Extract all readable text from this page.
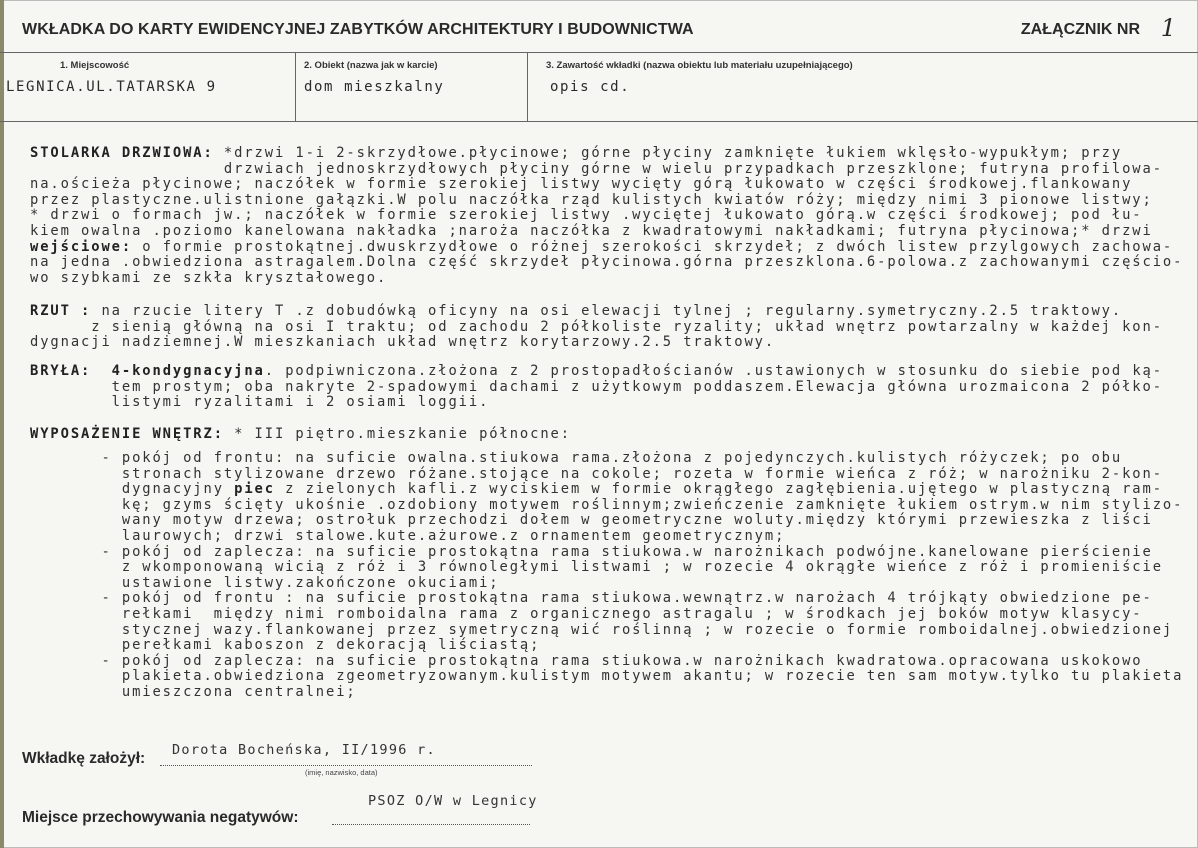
WKŁADKA DO KARTY EWIDENCYJNEJ ZABYTKÓW ARCHITEKTURY I BUDOWNICTWA	ZAŁĄCZNIK NR 1
1. Miejscowość
LEGNICA.UL.TATARSKA 9
2. Obiekt (nazwa jak w karcie)
dom mieszkalny
3. Zawartość wkładki (nazwa obiektu lub materiału uzupełniającego)
opis cd.
STOLARKA DRZWIOWA: *drzwi 1-i 2-skrzydłowe.płycinowe; górne płyciny zamknięte łukiem wklęsło-wypukłym; przy
drzwiach jednoskrzydłowych płyciny górne w wielu przypadkach przeszklone; futryna profilowa-
na.ościeża płycinowe; naczółek w formie szerokiej listwy wycięty górą łukowato w części środkowej.flankowany
przez plastyczne.ulistnione gałązki.W polu naczółka rząd kulistych kwiatów róży; między nimi 3 pionowe listwy;
* drzwi o formach jw.; naczółek w formie szerokiej listwy .wyciętej łukowato górą.w części środkowej; pod łu-
kiem owalna .poziomo kanelowana nakładka ;naroża naczółka z kwadratowymi nakładkami; futryna płycinowa;* drzwi
wejściowe: o formie prostokątnej.dwuskrzydłowe o różnej szerokości skrzydeł; z dwóch listew przylgowych zachowa-
na jedna .obwiedziona astragalem.Dolna część skrzydeł płycinowa.górna przeszklona.6-polowa.z zachowanymi częścio-
wo szybkami ze szkła kryształowego.
RZUT : na rzucie litery T .z dobudówką oficyny na osi elewacji tylnej ; regularny.symetryczny.2.5 traktowy.
z sienią główną na osi I traktu; od zachodu 2 półkoliste ryzality; układ wnętrz powtarzalny w każdej kon-
dygnacji nadziemnej.W mieszkaniach układ wnętrz korytarzowy.2.5 traktowy.
BRYŁA: 4-kondygnacyjna. podpiwniczona.złożona z 2 prostopadłościanów .ustawionych w stosunku do siebie pod ką-
tem prostym; oba nakryte 2-spadowymi dachami z użytkowym poddaszem.Elewacja główna urozmaicona 2 półko-
listymi ryzalitami i 2 osiami loggii.
WYPOSAŻENIE WNĘTRZ: * III piętro.mieszkanie północne:
- pokój od frontu: na suficie owalna.stiukowa rama.złożona z pojedynczych.kulistych różyczek; po obu
stronach stylizowane drzewo różane.stojące na cokole; rozeta w formie wieńca z róż; w narożniku 2-kon-
dygnacyjny piec z zielonych kafli.z wyciskiem w formie okrągłego zagłębienia.ujętego w plastyczną ram-
kę; gzyms ścięty ukośnie .ozdobiony motywem roślinnym;zwieńczenie zamknięte łukiem ostrym.w nim stylizo-
wany motyw drzewa; ostrołuk przechodzi dołem w geometryczne woluty.między którymi przewieszka z liści
laurowych; drzwi stalowe.kute.ażurowe.z ornamentem geometrycznym;
- pokój od zaplecza: na suficie prostokątna rama stiukowa.w narożnikach podwójne.kanelowane pierścienie
z wkomponowaną wicią z róż i 3 równoległymi listwami ; w rozecie 4 okrągłe wieńce z róż i promieniście
ustawione listwy.zakończone okuciami;
- pokój od frontu : na suficie prostokątna rama stiukowa.wewnątrz.w narożach 4 trójkąty obwiedzione pe-
rełkami  między nimi romboidalna rama z organicznego astragalu ; w środkach jej boków motyw klasycy-
stycznej wazy.flankowanej przez symetryczną wić roślinną ; w rozecie o formie romboidalnej.obwiedzionej
perełkami kaboszon z dekoracją liściastą;
- pokój od zaplecza: na suficie prostokątna rama stiukowa.w narożnikach kwadratowa.opracowana uskokowo
plakieta.obwiedziona zgeometryzowanym.kulistym motywem akantu; w rozecie ten sam motyw.tylko tu plakieta
umieszczona centralnei;
Wkładkę założył: Dorota Bocheńska, II/1996 r.
(imię, nazwisko, data)
Miejsce przechowywania negatywów:
PSOZ O/W w Legnicy
